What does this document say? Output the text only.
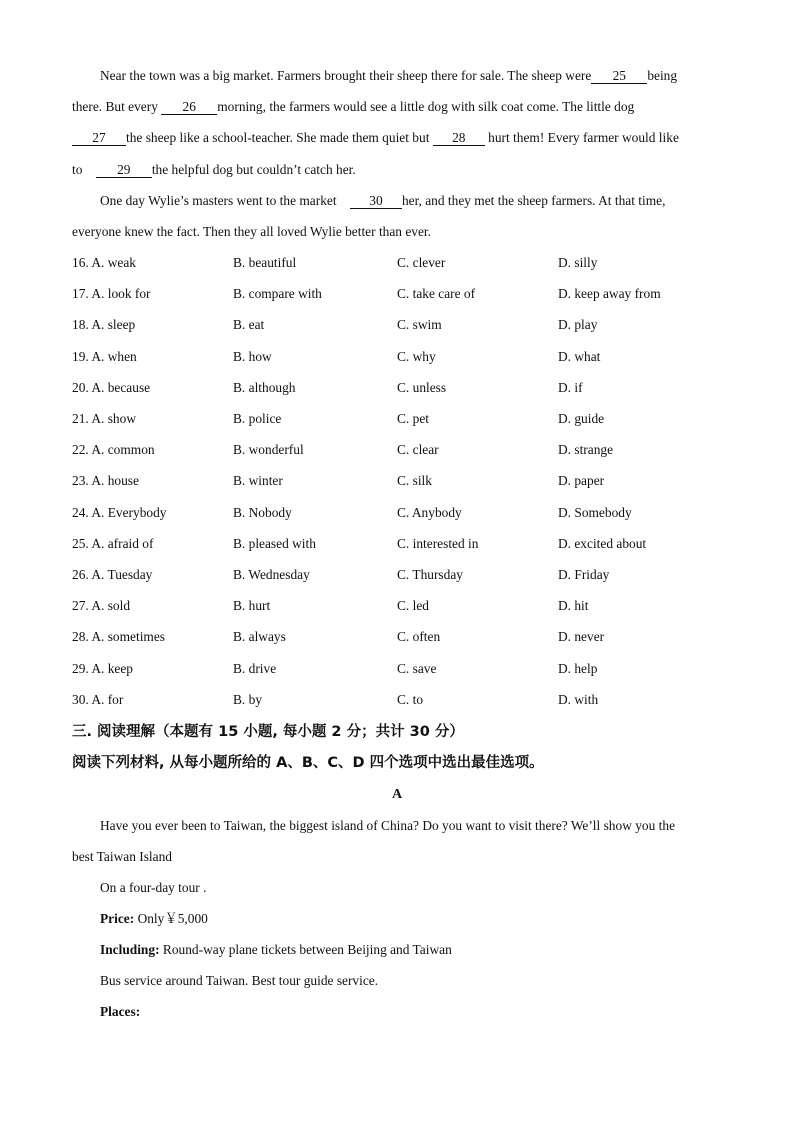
Near the town was a big market. Farmers brought their sheep there for sale. The sheep were 25 being
there. But every 26 morning, the farmers would see a little dog with silk coat come. The little dog
27 the sheep like a school-teacher. She made them quiet but 28 hurt them! Every farmer would like
to	29 the helpful dog but couldn’t catch her.
One day Wylie’s masters went to the market 30 her, and they met the sheep farmers. At that time,
everyone knew the fact. Then they all loved Wylie better than ever.
16. A. weak	B. beautiful	C. clever	D. silly
17. A. look for	B. compare with	C. take care of	D. keep away from
18. A. sleep	B. eat	C. swim	D. play
19. A. when	B. how	C. why	D. what
20. A. because	B. although	C. unless	D. if
21. A. show	B. police	C. pet	D. guide
22. A. common	B. wonderful	C. clear	D. strange
23. A. house	B. winter	C. silk	D. paper
24. A. Everybody	B. Nobody	C. Anybody	D. Somebody
25. A. afraid of	B. pleased with	C. interested in	D. excited about
26. A. Tuesday	B. Wednesday	C. Thursday	D. Friday
27. A. sold	B. hurt	C. led	D. hit
28. A. sometimes	B. always	C. often	D. never
29. A. keep	B. drive	C. save	D. help
30. A. for	B. by	C. to	D. with
三. 阅读理解（本题有 15 小题, 每小题 2 分；共计 30 分）
阅读下列材料, 从每小题所给的 A、B、C、D 四个选项中选出最佳选项。
A
Have you ever been to Taiwan, the biggest island of China? Do you want to visit there? We’ll show you the
best Taiwan Island
On a four-day tour .
Price: Only￥5,000
Including: Round-way plane tickets between Beijing and Taiwan
Bus service around Taiwan. Best tour guide service.
Places:
